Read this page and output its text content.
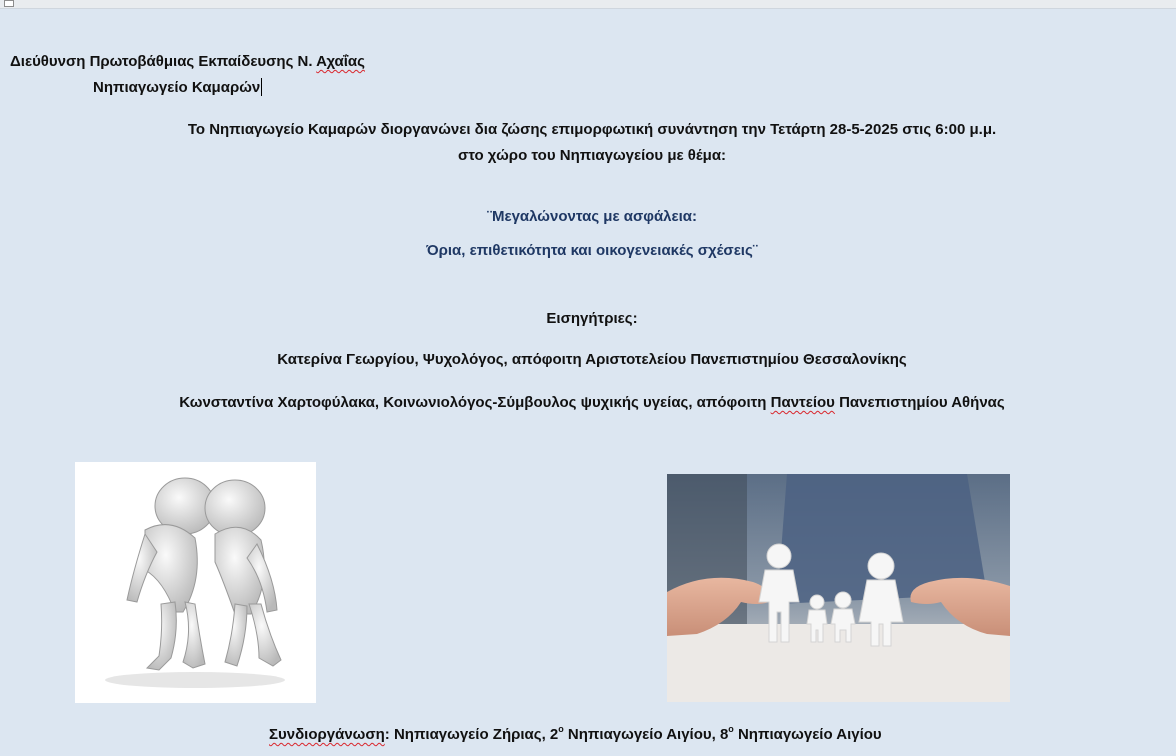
Διεύθυνση Πρωτοβάθμιας Εκπαίδευσης Ν. Αχαΐας
Νηπιαγωγείο Καμαρών
Το Νηπιαγωγείο Καμαρών διοργανώνει δια ζώσης επιμορφωτική συνάντηση την Τετάρτη 28-5-2025 στις 6:00 μ.μ.
στο χώρο του Νηπιαγωγείου με θέμα:
¨Μεγαλώνοντας με ασφάλεια:
Όρια, επιθετικότητα και οικογενειακές σχέσεις¨
Εισηγήτριες:
Κατερίνα Γεωργίου, Ψυχολόγος, απόφοιτη Αριστοτελείου Πανεπιστημίου Θεσσαλονίκης
Κωνσταντίνα Χαρτοφύλακα, Κοινωνιολόγος-Σύμβουλος ψυχικής υγείας, απόφοιτη Παντείου Πανεπιστημίου Αθήνας
Συνδιοργάνωση: Νηπιαγωγείο Ζήριας, $2^o$ Νηπιαγωγείο Αιγίου, $8^o$ Νηπιαγωγείο Αιγίου
